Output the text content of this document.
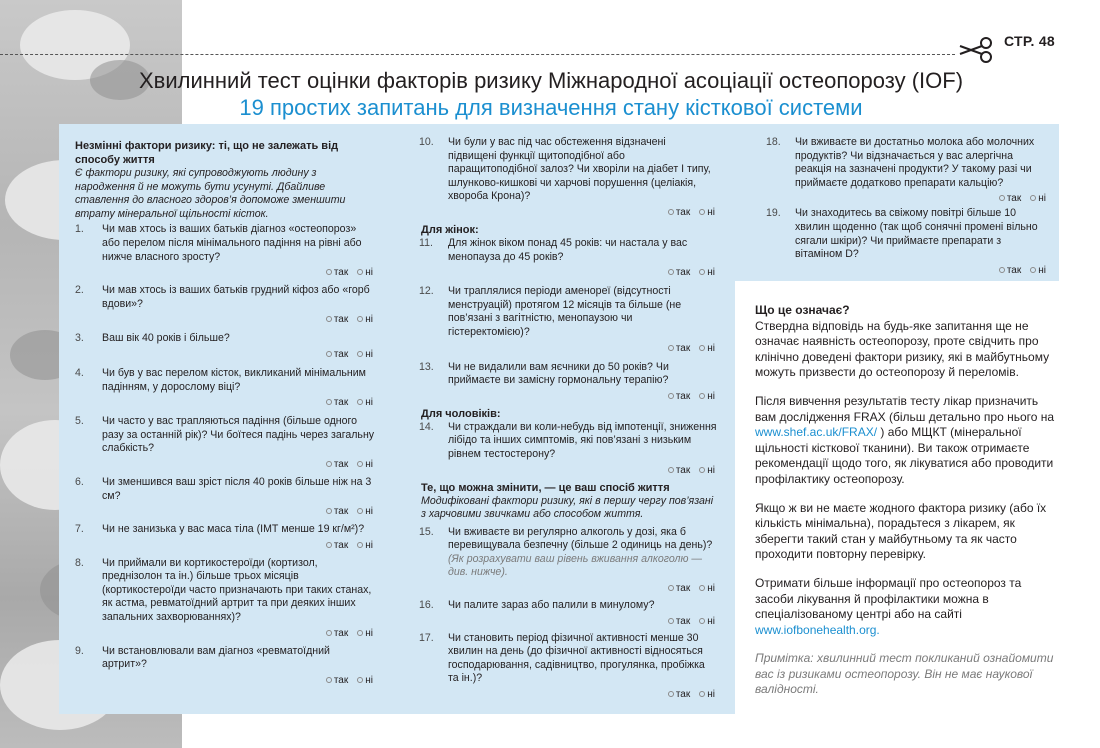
СТР. 48
Хвилинний тест оцінки факторів ризику Міжнародної асоціації остеопорозу (IOF)
19 простих запитань для визначення стану кісткової системи
Незмінні фактори ризику: ті, що не залежать від способу життя
Є фактори ризику, які супроводжують людину з народження й не можуть бути усунуті. Дбайливе ставлення до власного здоров’я допоможе зменшити втрату мінеральної щільності кісток.
1. Чи мав хтось із ваших батьків діагноз «остеопороз» або перелом після мінімального падіння на рівні або нижче власного зросту?
так ні
2. Чи мав хтось із ваших батьків грудний кіфоз або «горб вдови»?
так ні
3. Ваш вік 40 років і більше?
так ні
4. Чи був у вас перелом кісток, викликаний мінімальним падінням, у дорослому віці?
так ні
5. Чи часто у вас трапляються падіння (більше одного разу за останній рік)? Чи боїтеся падінь через загальну слабкість?
так ні
6. Чи зменшився ваш зріст після 40 років більше ніж на 3 см?
так ні
7. Чи не занизька у вас маса тіла (ІМТ менше 19 кг/м²)?
так ні
8. Чи приймали ви кортикостероїди (кортизол, преднізолон та ін.) більше трьох місяців (кортикостероїди часто призначають при таких станах, як астма, ревматоїдний артрит та при деяких інших запальних захворюваннях)?
так ні
9. Чи встановлювали вам діагноз «ревматоїдний артрит»?
так ні
10. Чи були у вас під час обстеження відзначені підвищені функції щитоподібної або паращитоподібної залоз? Чи хворіли на діабет I типу, шлунково-кишкові чи харчові порушення (целіакія, хвороба Крона)?
так ні
Для жінок:
11. Для жінок віком понад 45 років: чи настала у вас менопауза до 45 років?
так ні
12. Чи траплялися періоди аменореї (відсутності менструацій) протягом 12 місяців та більше (не пов’язані з вагітністю, менопаузою чи гістеректомією)?
так ні
13. Чи не видалили вам яєчники до 50 років? Чи приймаєте ви замісну гормональну терапію?
так ні
Для чоловіків:
14. Чи страждали ви коли-небудь від імпотенції, зниження лібідо та інших симптомів, які пов’язані з низьким рівнем тестостерону?
так ні
Те, що можна змінити, — це ваш спосіб життя
Модифіковані фактори ризику, які в першу чергу пов’язані з харчовими звичками або способом життя.
15. Чи вживаєте ви регулярно алкоголь у дозі, яка б перевищувала безпечну (більше 2 одиниць на день)?
(Як розрахувати ваш рівень вживання алкоголю — див. нижче).
так ні
16. Чи палите зараз або палили в минулому?
так ні
17. Чи становить період фізичної активності менше 30 хвилин на день (до фізичної активності відносяться господарювання, садівництво, прогулянка, пробіжка та ін.)?
так ні
18. Чи вживаєте ви достатньо молока або молочних продуктів? Чи відзначається у вас алергічна реакція на зазначені продукти? У такому разі чи приймаєте додатково препарати кальцію?
так ні
19. Чи знаходитесь ва свіжому повітрі більше 10 хвилин щоденно (так щоб сонячні промені вільно сягали шкіри)? Чи приймаєте препарати з вітаміном D?
так ні
Що це означає?

Ствердна відповідь на будь-яке запитання ще не означає наявність остеопорозу, проте свідчить про клінічно доведені фактори ризику, які в майбутньому можуть призвести до остеопорозу й переломів.

Після вивчення результатів тесту лікар призначить вам дослідження FRAX (більш детально про нього на www.shef.ac.uk/FRAX/ ) або МЩКТ (мінеральної щільності кісткової тканини). Ви також отримаєте рекомендації щодо того, як лікуватися або проводити профілактику остеопорозу.

Якщо ж ви не маєте жодного фактора ризику (або їх кількість мінімальна), порадьтеся з лікарем, як зберегти такий стан у майбутньому та як часто проходити повторну перевірку.

Отримати більше інформації про остеопороз та засоби лікування й профілактики можна в спеціалізованому центрі або на сайті www.iofbonehealth.org.

Примітка: хвилинний тест покликаний ознайомити вас із ризиками остеопорозу. Він не має наукової валідності.
